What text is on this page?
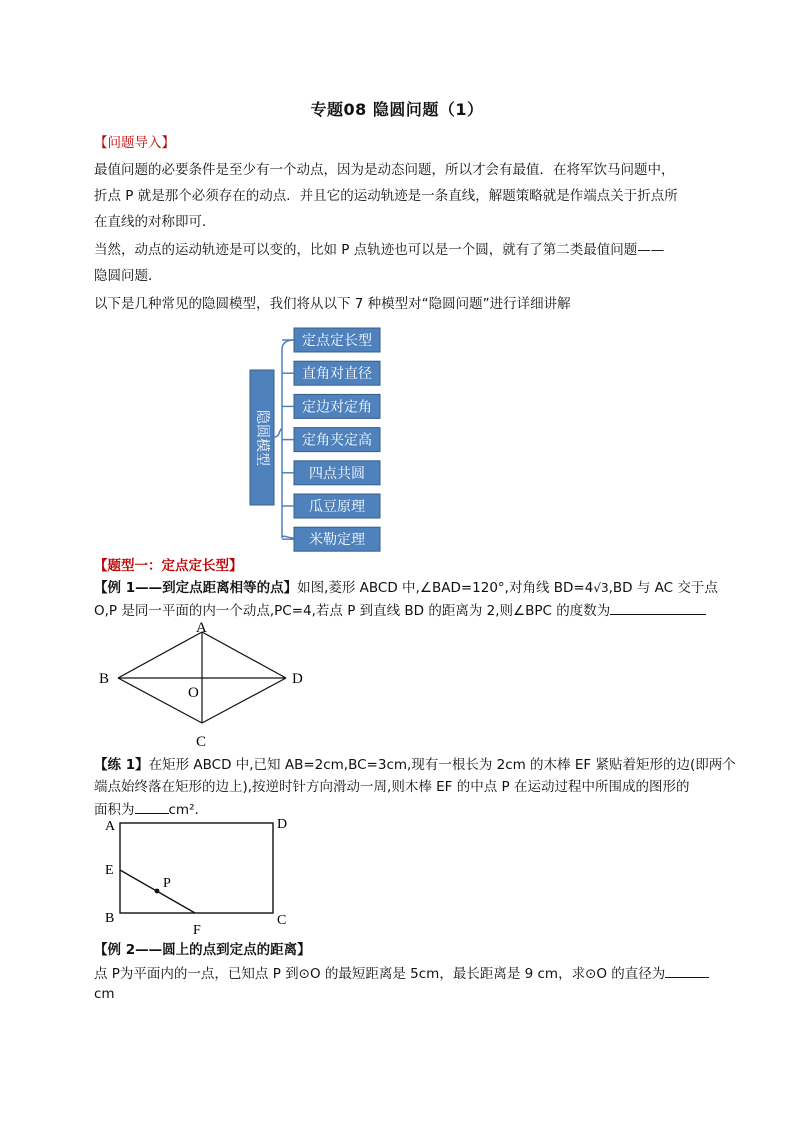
专题08 隐圆问题（1）
【问题导入】
最值问题的必要条件是至少有一个动点，因为是动态问题，所以才会有最值．在将军饮马问题中，
折点 P 就是那个必须存在的动点．并且它的运动轨迹是一条直线，解题策略就是作端点关于折点所
在直线的对称即可．
当然，动点的运动轨迹是可以变的，比如 P 点轨迹也可以是一个圆，就有了第二类最值问题——
隐圆问题．
以下是几种常见的隐圆模型，我们将从以下 7 种模型对“隐圆问题”进行详细讲解
隐圆模型
定点定长型
直角对直径
定边对定角
定角夹定高
四点共圆
瓜豆原理
米勒定理
【题型一：定点定长型】
【例 1——到定点距离相等的点】如图,菱形 ABCD 中,∠BAD=120°,对角线 BD=4√3,BD 与 AC 交于点
O,P 是同一平面的内一个动点,PC=4,若点 P 到直线 BD 的距离为 2,则∠BPC 的度数为
A
B	D
O
C
【练 1】在矩形 ABCD 中,已知 AB=2cm,BC=3cm,现有一根长为 2cm 的木棒 EF 紧贴着矩形的边(即两个
端点始终落在矩形的边上),按逆时针方向滑动一周,则木棒 EF 的中点 P 在运动过程中所围成的图形的
面积为	cm².
A	D
E
P
B
F
C
【例 2——圆上的点到定点的距离】
点 P为平面内的一点，已知点 P 到⊙O 的最短距离是 5cm，最长距离是 9 cm，求⊙O 的直径为
cm
